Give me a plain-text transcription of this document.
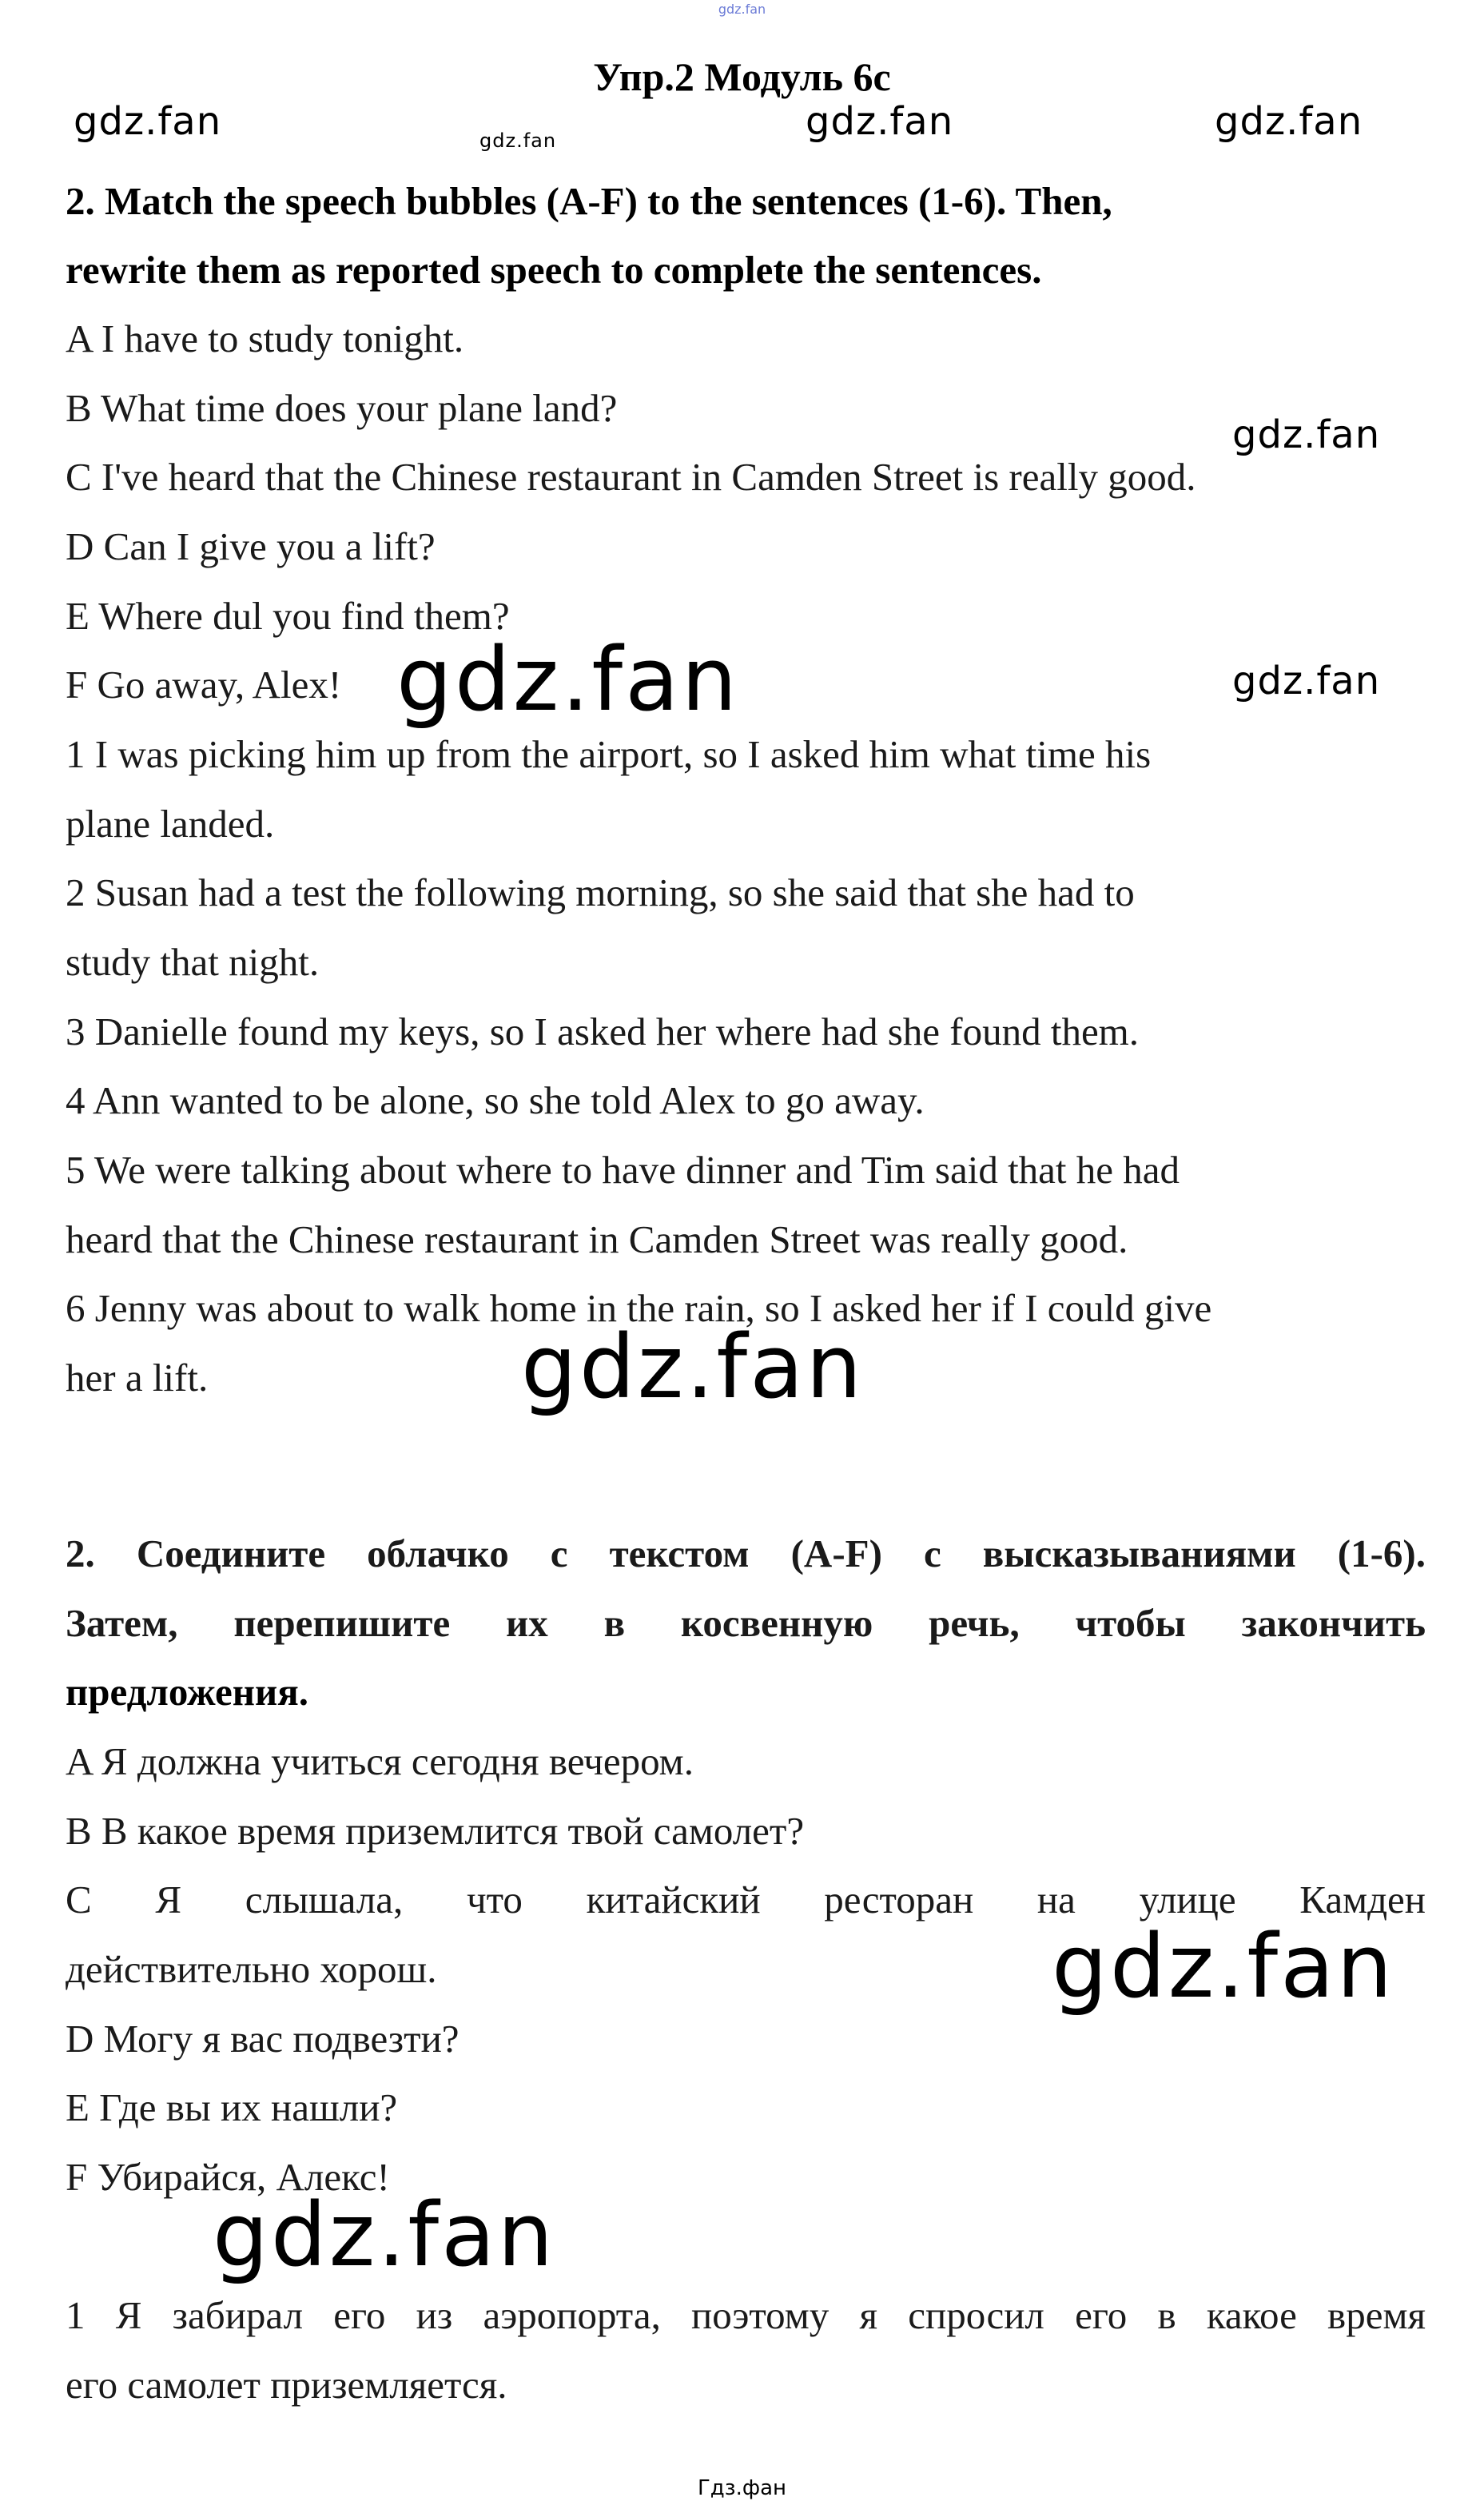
gdz.fan
Упр.2 Модуль 6с
gdz.fan	gdz.fan	gdz.fan	gdz.fan
2. Match the speech bubbles (A-F) to the sentences (1-6). Then,
rewrite them as reported speech to complete the sentences.
A I have to study tonight.
B What time does your plane land?
gdz.fan
C I've heard that the Chinese restaurant in Camden Street is really good.
D Can I give you a lift?
E Where dul you find them?
F Go away, Alex! gdz.fan	gdz.fan
1 I was picking him up from the airport, so I asked him what time his
plane landed.
2 Susan had a test the following morning, so she said that she had to
study that night.
3 Danielle found my keys, so I asked her where had she found them.
4 Ann wanted to be alone, so she told Alex to go away.
5 We were talking about where to have dinner and Tim said that he had
heard that the Chinese restaurant in Camden Street was really good.
6 Jenny was about to walk home in the rain, so I asked her if I could give
her a lift.	gdz.fan
2. Соедините облачко с текстом (A-F) с высказываниями (1-6).
Затем, перепишите их в косвенную речь, чтобы закончить
предложения.
A Я должна учиться сегодня вечером.
B В какое время приземлится твой самолет?
C Я слышала, что китайский ресторан на улице Камден
действительно хорош.	gdz.fan
D Могу я вас подвезти?
E Где вы их нашли?
F Убирайся, Алекс!
gdz.fan
1 Я забирал его из аэропорта, поэтому я спросил его в какое время
его самолет приземляется.
Гдз.фан
